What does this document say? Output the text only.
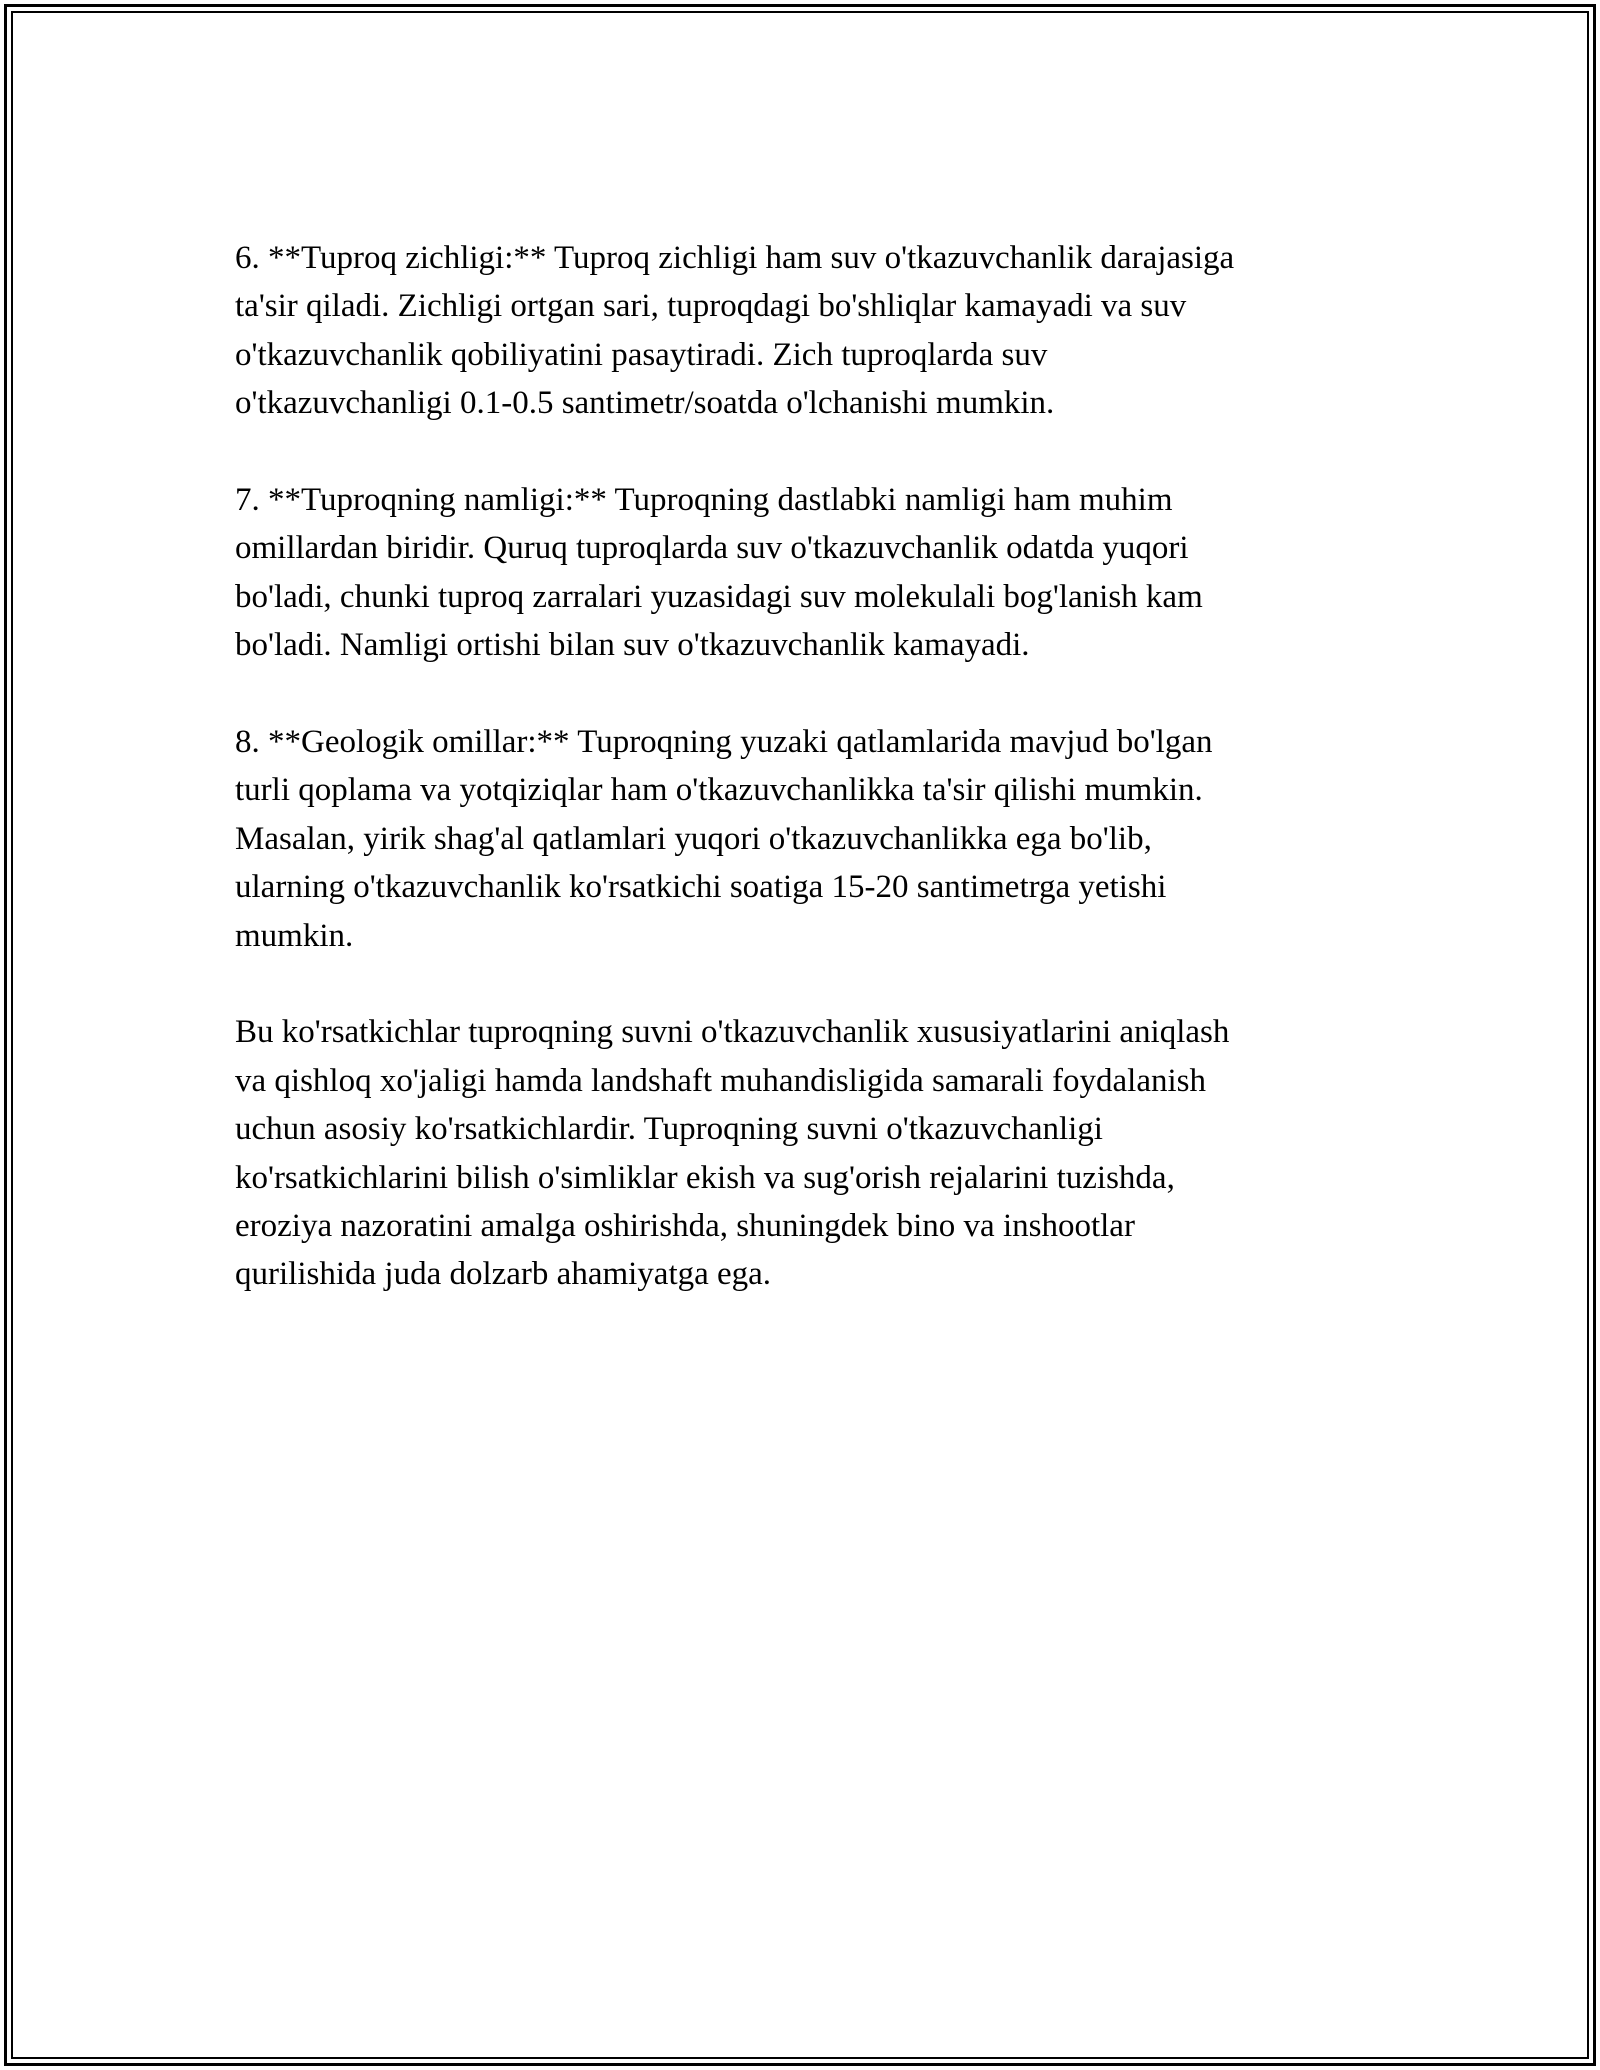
6. **Tuproq zichligi:** Tuproq zichligi ham suv o'tkazuvchanlik darajasiga
ta'sir qiladi. Zichligi ortgan sari, tuproqdagi bo'shliqlar kamayadi va suv
o'tkazuvchanlik qobiliyatini pasaytiradi. Zich tuproqlarda suv
o'tkazuvchanligi 0.1-0.5 santimetr/soatda o'lchanishi mumkin.

7. **Tuproqning namligi:** Tuproqning dastlabki namligi ham muhim
omillardan biridir. Quruq tuproqlarda suv o'tkazuvchanlik odatda yuqori
bo'ladi, chunki tuproq zarralari yuzasidagi suv molekulali bog'lanish kam
bo'ladi. Namligi ortishi bilan suv o'tkazuvchanlik kamayadi.

8. **Geologik omillar:** Tuproqning yuzaki qatlamlarida mavjud bo'lgan
turli qoplama va yotqiziqlar ham o'tkazuvchanlikka ta'sir qilishi mumkin.
Masalan, yirik shag'al qatlamlari yuqori o'tkazuvchanlikka ega bo'lib,
ularning o'tkazuvchanlik ko'rsatkichi soatiga 15-20 santimetrga yetishi
mumkin.

Bu ko'rsatkichlar tuproqning suvni o'tkazuvchanlik xususiyatlarini aniqlash
va qishloq xo'jaligi hamda landshaft muhandisligida samarali foydalanish
uchun asosiy ko'rsatkichlardir. Tuproqning suvni o'tkazuvchanligi
ko'rsatkichlarini bilish o'simliklar ekish va sug'orish rejalarini tuzishda,
eroziya nazoratini amalga oshirishda, shuningdek bino va inshootlar
qurilishida juda dolzarb ahamiyatga ega.
